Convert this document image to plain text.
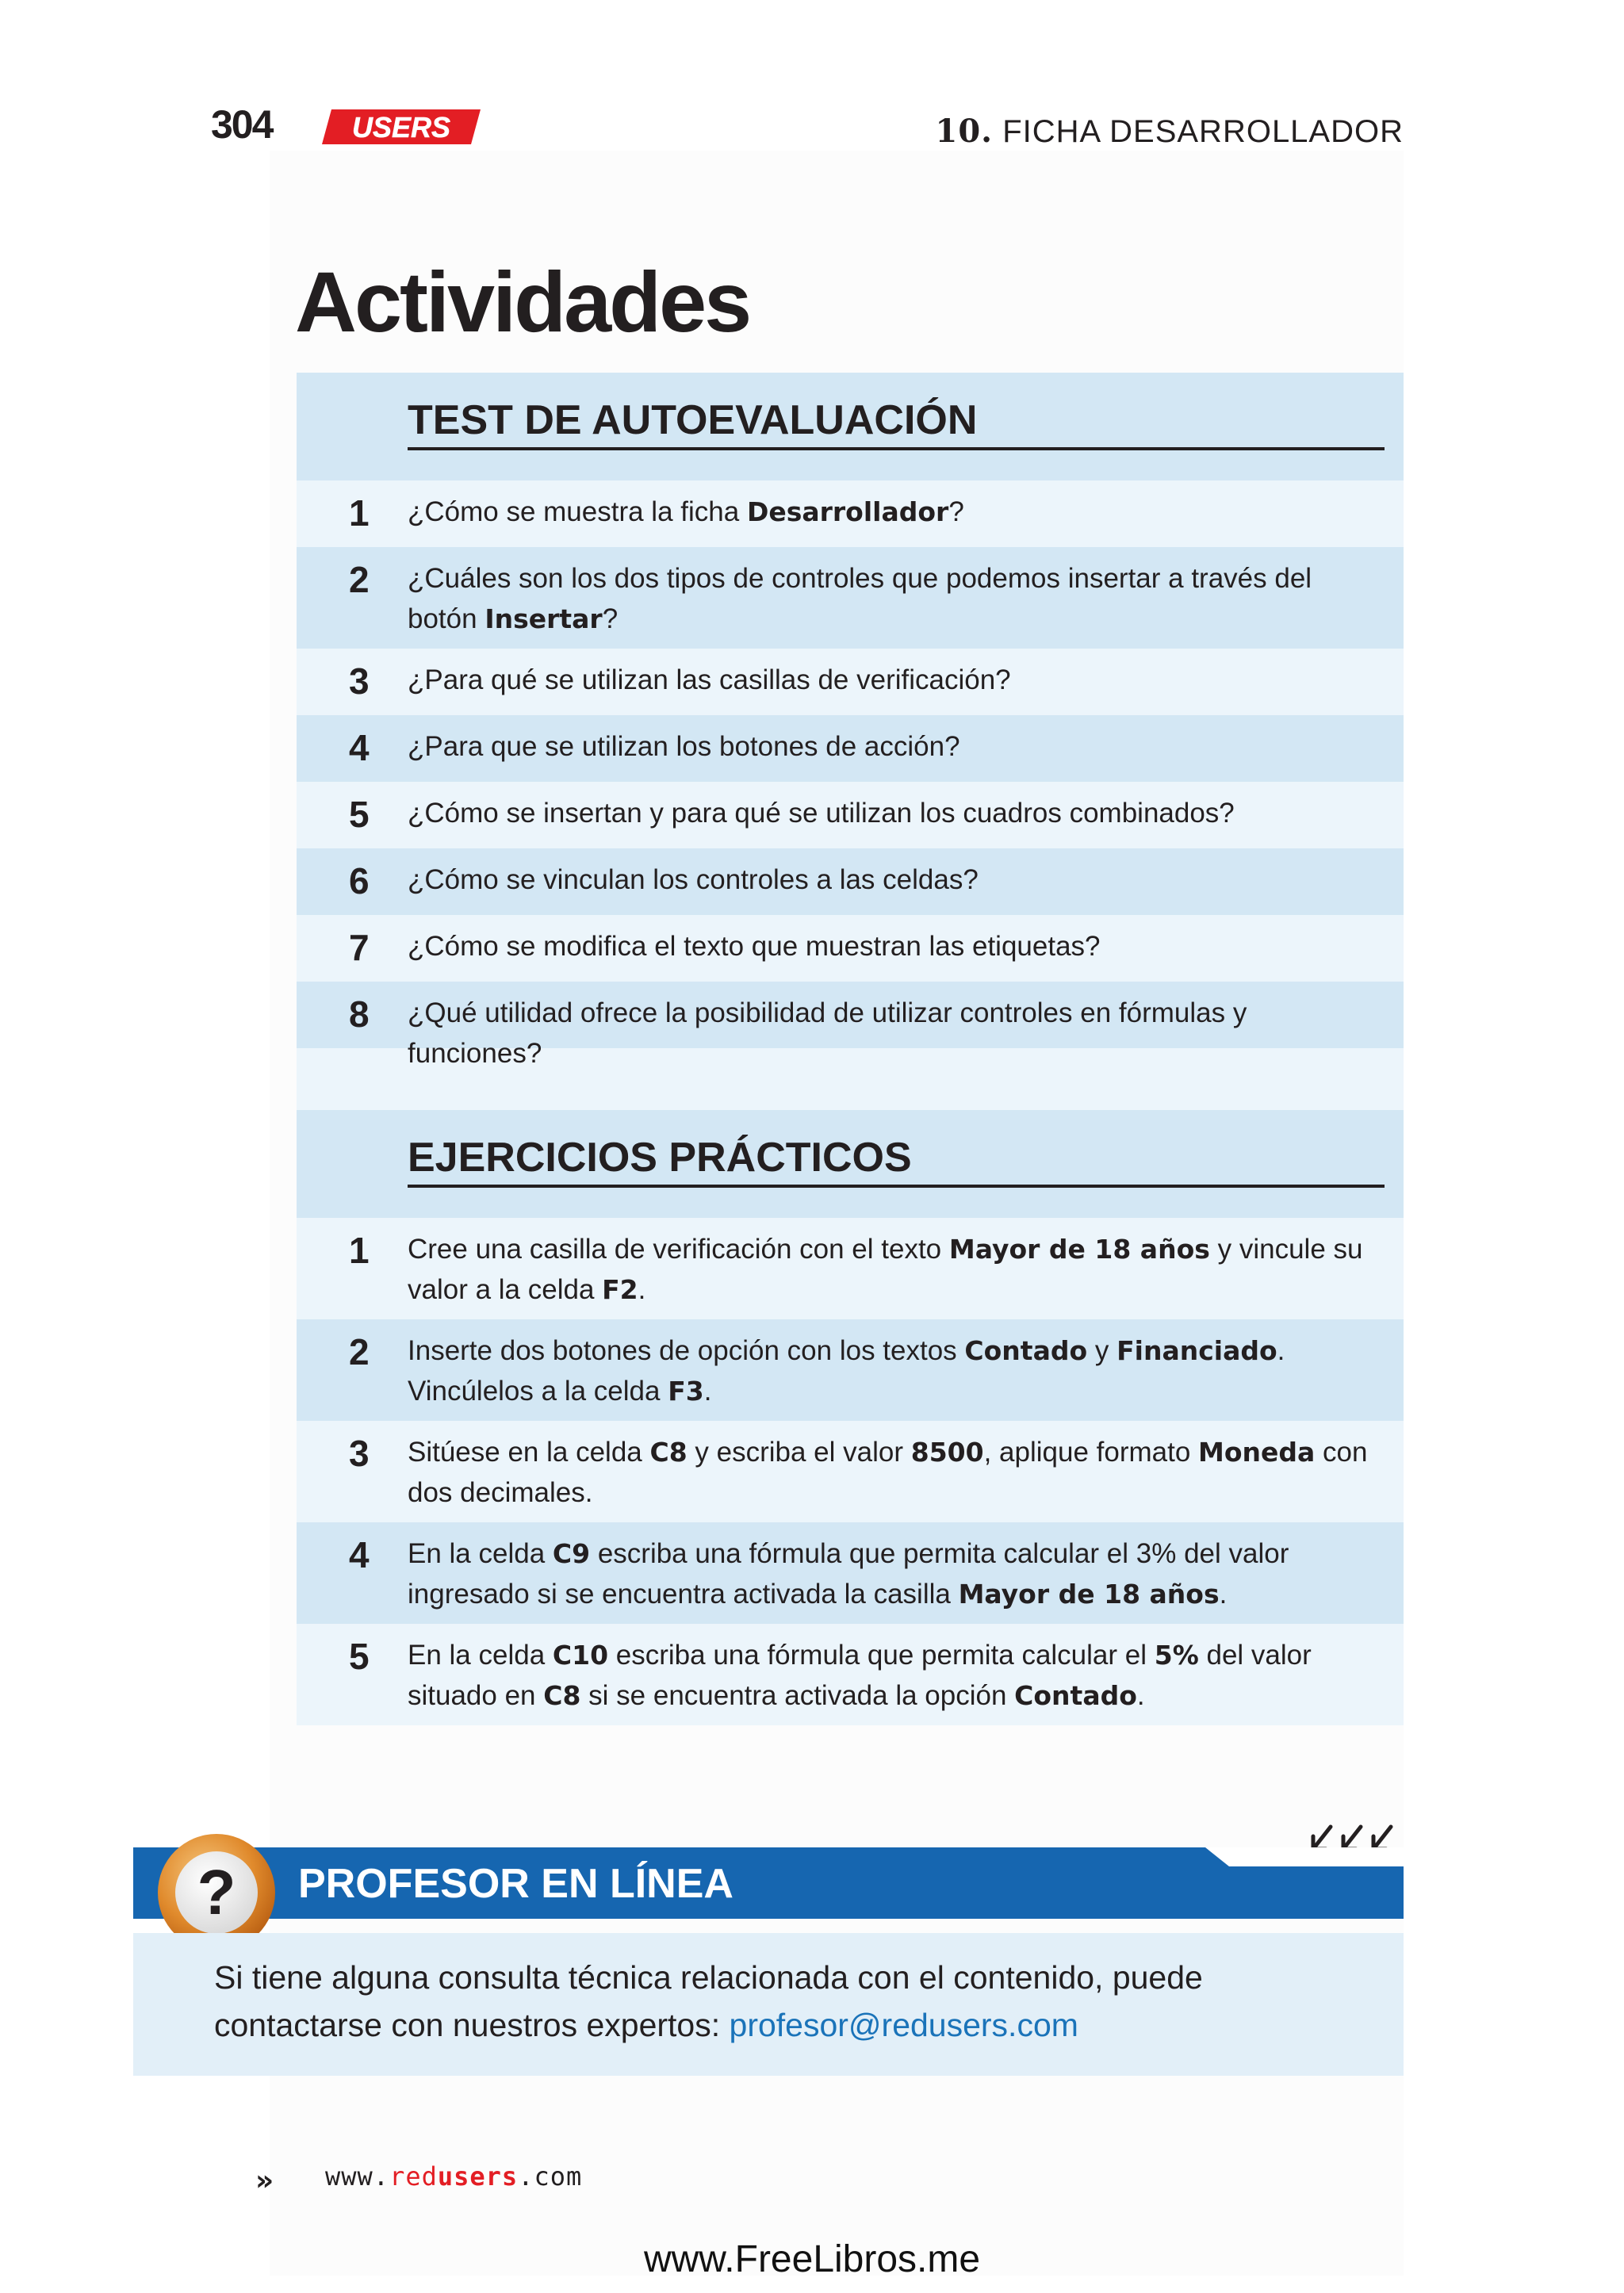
304	USERS	10. FICHA DESARROLLADOR
Actividades
TEST DE AUTOEVALUACIÓN
1 ¿Cómo se muestra la ficha Desarrollador?
2 ¿Cuáles son los dos tipos de controles que podemos insertar a través del botón Insertar?
3 ¿Para qué se utilizan las casillas de verificación?
4 ¿Para que se utilizan los botones de acción?
5 ¿Cómo se insertan y para qué se utilizan los cuadros combinados?
6 ¿Cómo se vinculan los controles a las celdas?
7 ¿Cómo se modifica el texto que muestran las etiquetas?
8 ¿Qué utilidad ofrece la posibilidad de utilizar controles en fórmulas y funciones?
EJERCICIOS PRÁCTICOS
1 Cree una casilla de verificación con el texto Mayor de 18 años y vincule su valor a la celda F2.
2 Inserte dos botones de opción con los textos Contado y Financiado. Vincúlelos a la celda F3.
3 Sitúese en la celda C8 y escriba el valor 8500, aplique formato Moneda con dos decimales.
4 En la celda C9 escriba una fórmula que permita calcular el 3% del valor ingresado si se encuentra activada la casilla Mayor de 18 años.
5 En la celda C10 escriba una fórmula que permita calcular el 5% del valor situado en C8 si se encuentra activada la opción Contado.
PROFESOR EN LÍNEA
?
Si tiene alguna consulta técnica relacionada con el contenido, puede contactarse con nuestros expertos: profesor@redusers.com
» www.redusers.com
www.FreeLibros.me
